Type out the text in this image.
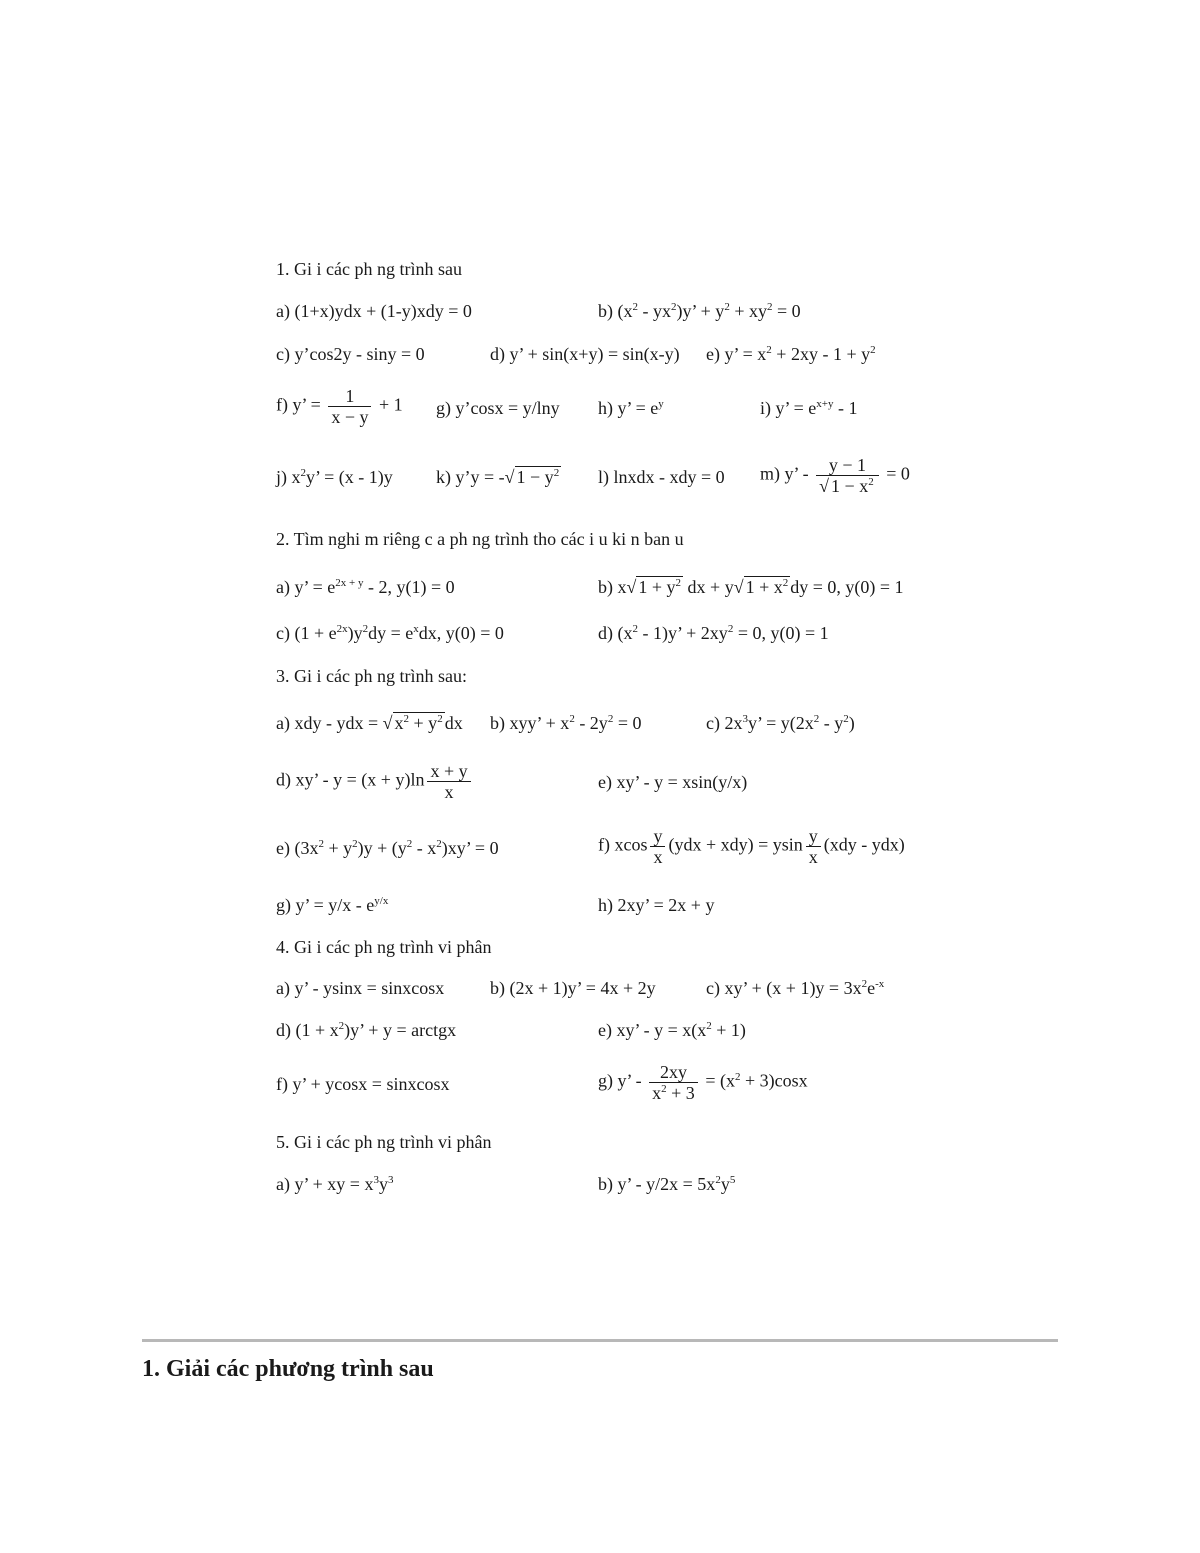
1. Gi i các ph ng trình sau
a) (1+x)ydx + (1-y)xdy = 0	b) $(x^2 - yx^2)y$’ + $y^2 + xy^2 = 0$
c) y’cos2y - siny = 0	d) y’ + sin(x+y) = sin(x-y) e) y’ = $x^2 + 2xy - 1 + y^2$
f) y’ = $\frac{1}{x - y} + 1$ g) y’cosx = y/lny h) y’ = $e^y$	i) y’ = $e^{x+y} - 1$
j) $x^2y$’ = (x - 1)y k) y’y = -√ $1 - y^2$ l) lnxdx - xdy = 0 m) y’ - $\frac{y - 1}{√ 1 - x^2} = 0$
2. Tìm nghi m riêng c a ph ng trình tho các i u ki n ban u
a) y’ = $e^{2x + y} - 2$, y(1) = 0	b) x√ $1 + y^2$ dx + y√ $1 + x^2$ dy = 0, y(0) = 1
c) $(1 + e^{2x})y^2dy = e^xdx$, y(0) = 0	d) $(x^2 - 1)y$’ + $2xy^2 = 0$, y(0) = 1
3. Gi i các ph ng trình sau:
a) xdy - ydx = √ $x^2 + y^2$ dx b) xyy’ + $x^2 - 2y^2 = 0$	c) $2x^3y$’ = $y(2x^2 - y^2)$
d) xy’ - $y = (x + y)\ln \frac{x + y}{x}$	e) xy’ - y = xsin(y/x)
e) $(3x^2 + y^2)y + (y^2 - x^2)xy$’ = 0	f) xcos $\frac{y}{x} (ydx + xdy) = ysin \frac{y}{x} (xdy - ydx)$
g) y’ = $y/x - e^{y/x}$	h) 2xy’ = 2x + y
4. Gi i các ph ng trình vi phân
a) y’ - ysinx = sinxcosx	b) (2x + 1)y’ = 4x + 2y	c) xy’ + $(x + 1)y = 3x^2e^{-x}$
d) $(1 + x^2)y$’ + y = arctgx	e) xy’ - $y = x(x^2 + 1)$
f) y’ + ycosx = sinxcosx	g) y’ - $\frac{2xy}{x^2 + 3} = (x^2 + 3)\cos x$
5. Gi i các ph ng trình vi phân
a) y’ + xy = $x^3y^3$	b) y’ - $y/2x = 5x^2y^5$
1. Giải các phương trình sau
